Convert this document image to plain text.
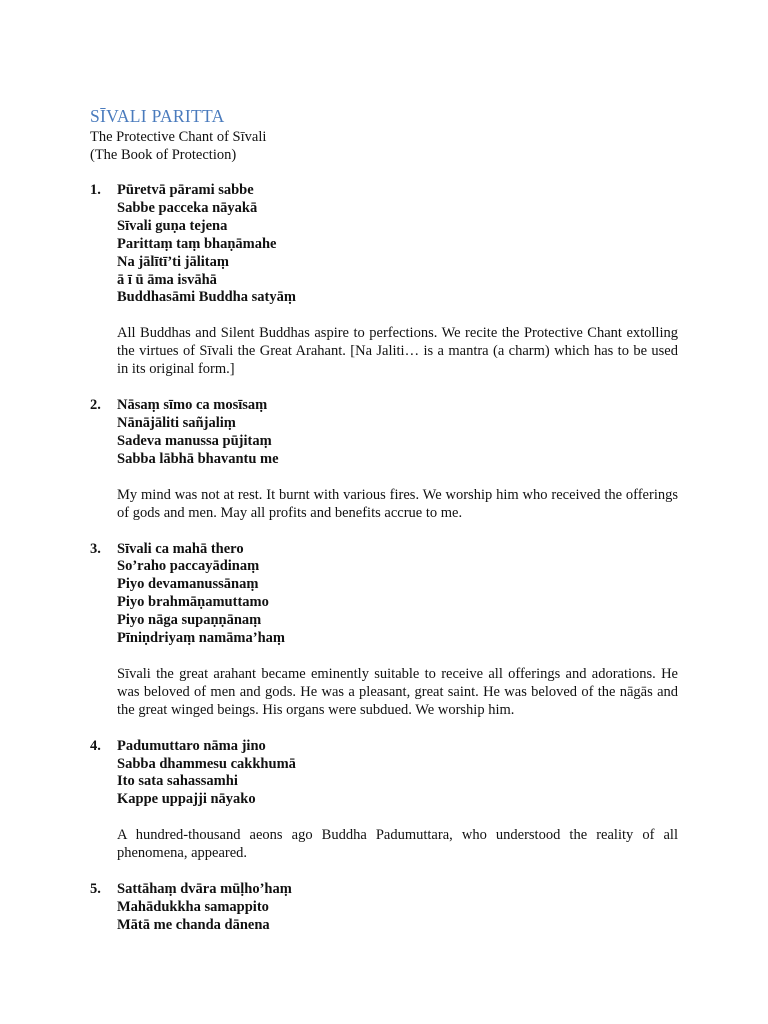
SĪVALI PARITTA

The Protective Chant of Sīvali

(The Book of Protection)

1.	Pūretvā pārami sabbe
Sabbe pacceka nāyakā
Sīvali guṇa tejena
Parittaṃ taṃ bhaṇāmahe
Na jālītī’ti jālitaṃ
ā ī ū āma isvāhā
Buddhasāmi Buddha satyāṃ

All Buddhas and Silent Buddhas aspire to perfections. We recite the Protective Chant extolling the virtues of Sīvali the Great Arahant. [Na Jaliti… is a mantra (a charm) which has to be used in its original form.]

2.	Nāsaṃ sīmo ca mosīsaṃ
Nānājāliti sañjaliṃ
Sadeva manussa pūjitaṃ
Sabba lābhā bhavantu me

My mind was not at rest. It burnt with various fires. We worship him who received the offerings of gods and men. May all profits and benefits accrue to me.

3.	Sīvali ca mahā thero
So’raho paccayādinaṃ
Piyo devamanussānaṃ
Piyo brahmāṇamuttamo
Piyo nāga supaṇṇānaṃ
Pīniṇdriyaṃ namāma’haṃ

Sīvali the great arahant became eminently suitable to receive all offerings and adorations. He was beloved of men and gods. He was a pleasant, great saint. He was beloved of the nāgās and the great winged beings. His organs were subdued. We worship him.

4.	Padumuttaro nāma jino
Sabba dhammesu cakkhumā
Ito sata sahassamhi
Kappe uppajji nāyako

A hundred-thousand aeons ago Buddha Padumuttara, who understood the reality of all phenomena, appeared.

5.	Sattāhaṃ dvāra mūḷho’haṃ
Mahādukkha samappito
Mātā me chanda dānena
